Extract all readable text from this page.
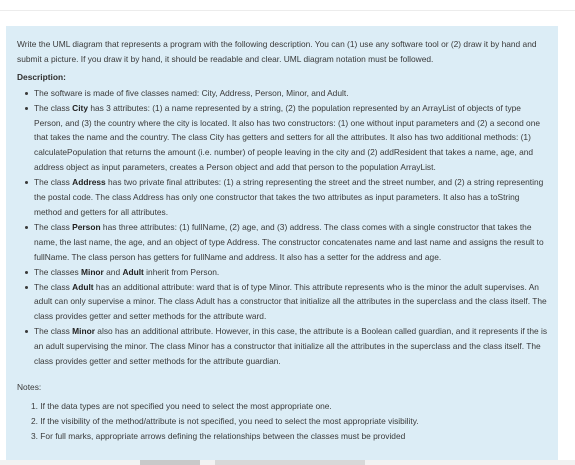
Write the UML diagram that represents a program with the following description. You can (1) use any software tool or (2) draw it by hand and submit a picture. If you draw it by hand, it should be readable and clear. UML diagram notation must be followed.

Description:

The software is made of five classes named: City, Address, Person, Minor, and Adult.
The class City has 3 attributes: (1) a name represented by a string, (2) the population represented by an ArrayList of objects of type Person, and (3) the country where the city is located. It also has two constructors: (1) one without input parameters and (2) a second one that takes the name and the country. The class City has getters and setters for all the attributes. It also has two additional methods: (1) calculatePopulation that returns the amount (i.e. number) of people leaving in the city and (2) addResident that takes a name, age, and address object as input parameters, creates a Person object and add that person to the population ArrayList.
The class Address has two private final attributes: (1) a string representing the street and the street number, and (2) a string representing the postal code. The class Address has only one constructor that takes the two attributes as input parameters. It also has a toString method and getters for all attributes.
The class Person has three attributes: (1) fullName, (2) age, and (3) address. The class comes with a single constructor that takes the name, the last name, the age, and an object of type Address. The constructor concatenates name and last name and assigns the result to fullName. The class person has getters for fullName and address. It also has a setter for the address and age.
The classes Minor and Adult inherit from Person.
The class Adult has an additional attribute: ward that is of type Minor. This attribute represents who is the minor the adult supervises. An adult can only supervise a minor. The class Adult has a constructor that initialize all the attributes in the superclass and the class itself. The class provides getter and setter methods for the attribute ward.
The class Minor also has an additional attribute. However, in this case, the attribute is a Boolean called guardian, and it represents if the is an adult supervising the minor. The class Minor has a constructor that initialize all the attributes in the superclass and the class itself. The class provides getter and setter methods for the attribute guardian.

Notes:

1. If the data types are not specified you need to select the most appropriate one.
2. If the visibility of the method/attribute is not specified, you need to select the most appropriate visibility.
3. For full marks, appropriate arrows defining the relationships between the classes must be provided
